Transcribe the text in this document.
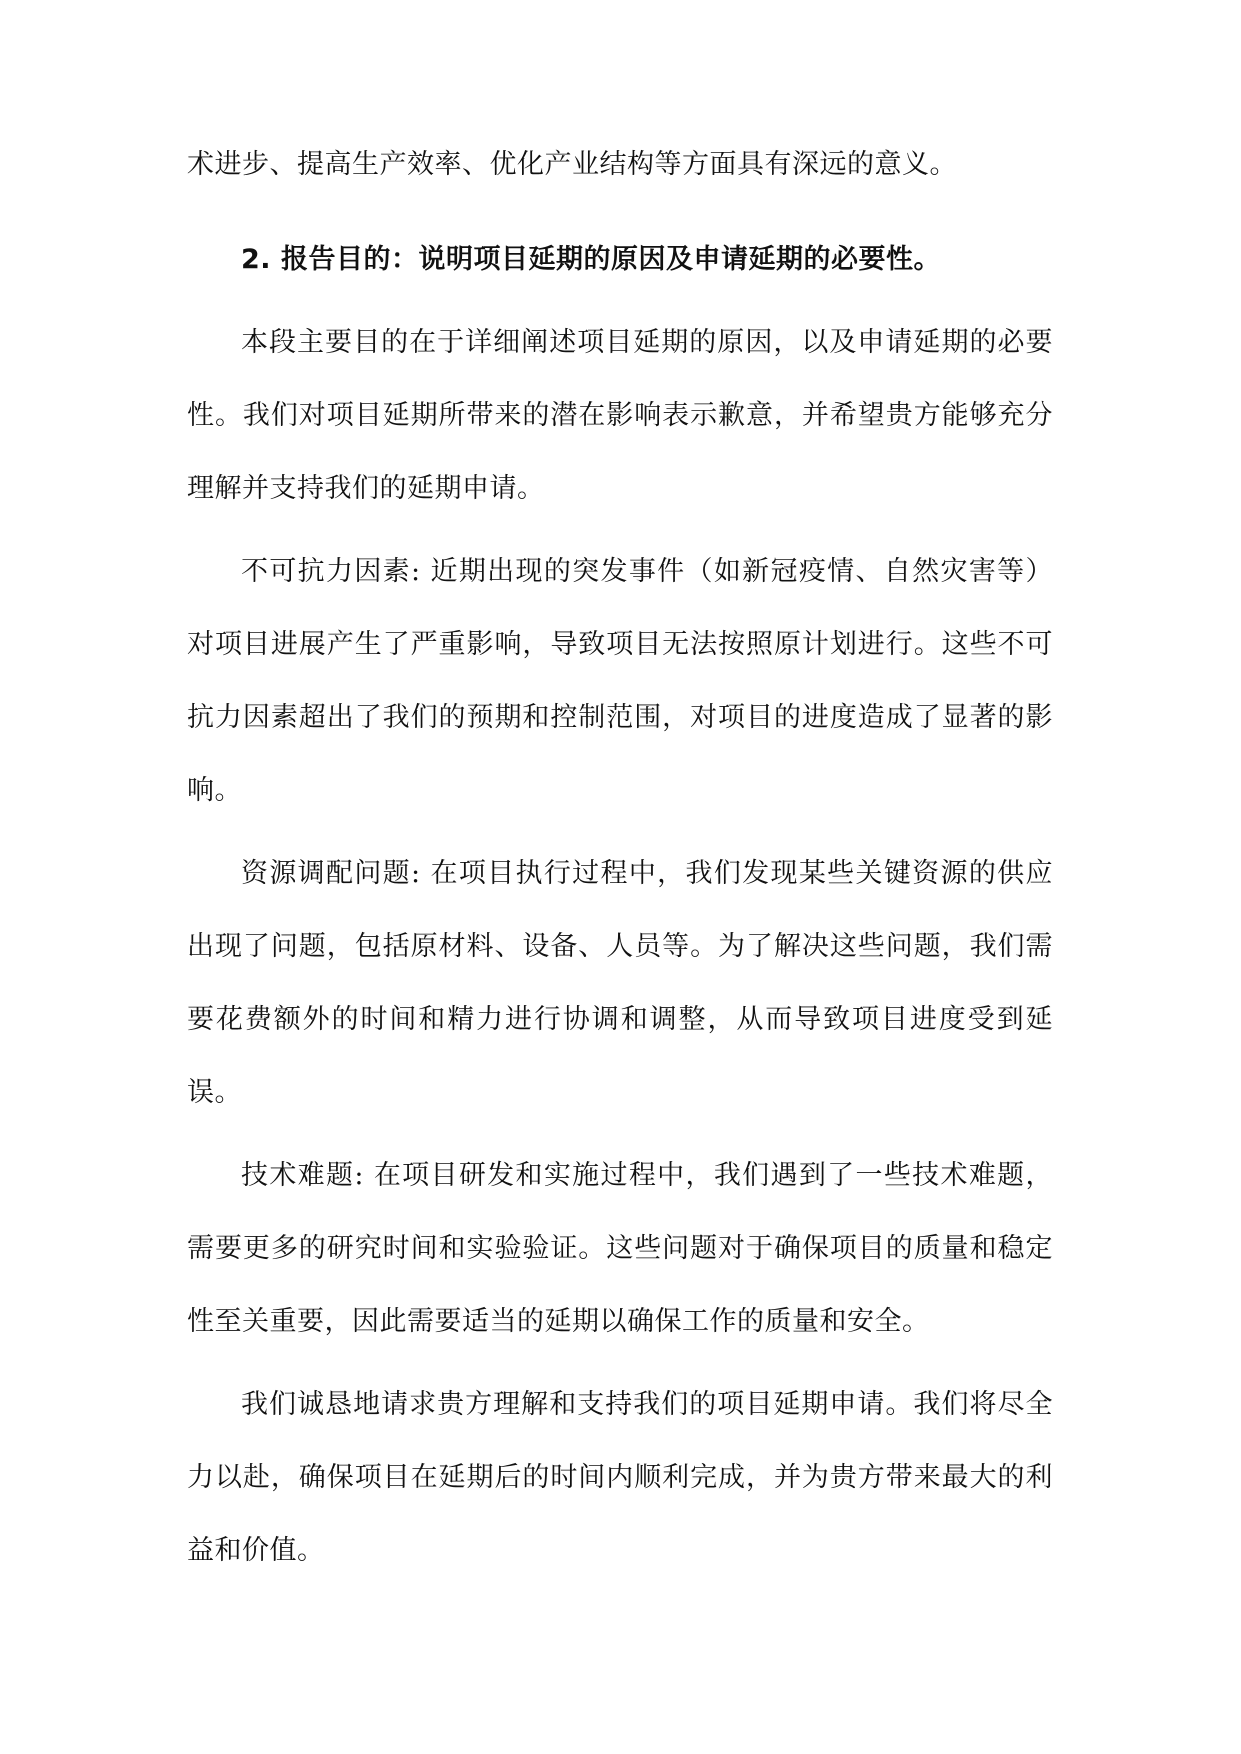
术进步、提高生产效率、优化产业结构等方面具有深远的意义。

2. 报告目的：说明项目延期的原因及申请延期的必要性。

本段主要目的在于详细阐述项目延期的原因，以及申请延期的必要性。我们对项目延期所带来的潜在影响表示歉意，并希望贵方能够充分理解并支持我们的延期申请。

不可抗力因素: 近期出现的突发事件（如新冠疫情、自然灾害等）对项目进展产生了严重影响，导致项目无法按照原计划进行。这些不可抗力因素超出了我们的预期和控制范围，对项目的进度造成了显著的影响。

资源调配问题: 在项目执行过程中，我们发现某些关键资源的供应出现了问题，包括原材料、设备、人员等。为了解决这些问题，我们需要花费额外的时间和精力进行协调和调整，从而导致项目进度受到延误。

技术难题: 在项目研发和实施过程中，我们遇到了一些技术难题，需要更多的研究时间和实验验证。这些问题对于确保项目的质量和稳定性至关重要，因此需要适当的延期以确保工作的质量和安全。

我们诚恳地请求贵方理解和支持我们的项目延期申请。我们将尽全力以赴，确保项目在延期后的时间内顺利完成，并为贵方带来最大的利益和价值。
